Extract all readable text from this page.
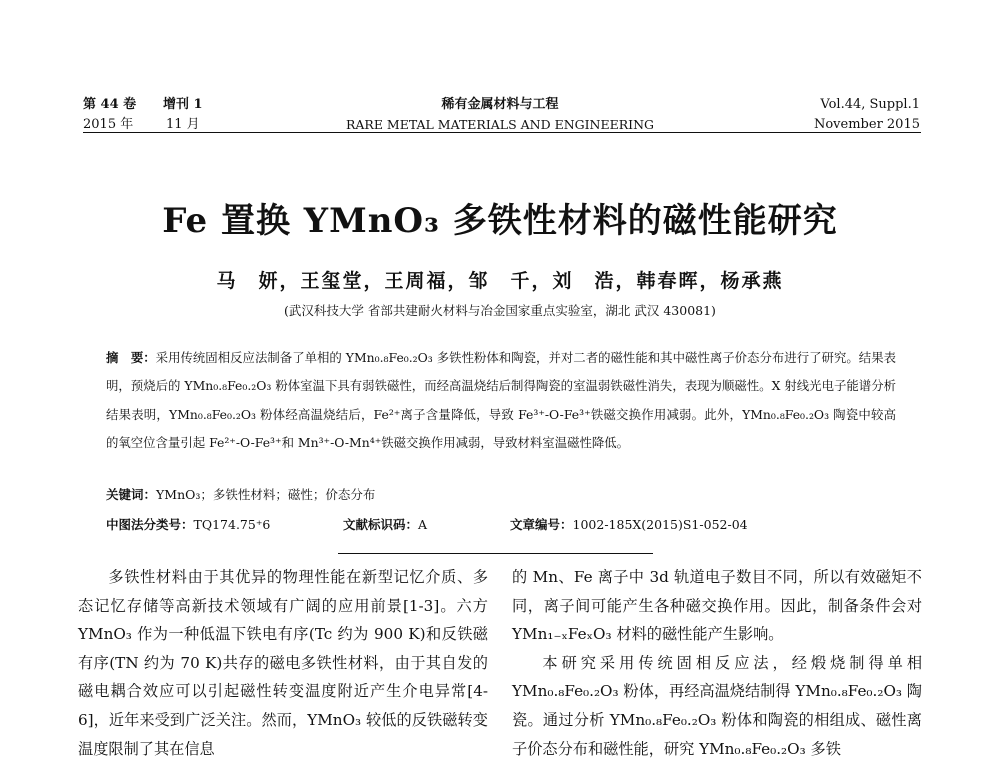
第 44 卷 增刊 1
2015 年	11 月
稀有金属材料与工程
RARE METAL MATERIALS AND ENGINEERING
Vol.44, Suppl.1
November 2015
Fe 置换 YMnO₃ 多铁性材料的磁性能研究
马　妍，王玺堂，王周福，邹　千，刘　浩，韩春晖，杨承燕
(武汉科技大学 省部共建耐火材料与冶金国家重点实验室，湖北 武汉 430081)
摘　要：采用传统固相反应法制备了单相的 YMn₀.₈Fe₀.₂O₃ 多铁性粉体和陶瓷，并对二者的磁性能和其中磁性离子价态分布进行了研究。结果表明，预烧后的 YMn₀.₈Fe₀.₂O₃ 粉体室温下具有弱铁磁性，而经高温烧结后制得陶瓷的室温弱铁磁性消失，表现为顺磁性。X 射线光电子能谱分析结果表明，YMn₀.₈Fe₀.₂O₃ 粉体经高温烧结后，Fe²⁺离子含量降低，导致 Fe³⁺-O-Fe³⁺铁磁交换作用减弱。此外，YMn₀.₈Fe₀.₂O₃ 陶瓷中较高的氧空位含量引起 Fe²⁺-O-Fe³⁺和 Mn³⁺-O-Mn⁴⁺铁磁交换作用减弱，导致材料室温磁性降低。
关键词：YMnO₃；多铁性材料；磁性；价态分布
中图法分类号：TQ174.75⁺6	文献标识码：A	文章编号：1002-185X(2015)S1-052-04

多铁性材料由于其优异的物理性能在新型记忆介质、多态记忆存储等高新技术领域有广阔的应用前景[1-3]。六方 YMnO₃ 作为一种低温下铁电有序(Tc 约为 900 K)和反铁磁有序(TN 约为 70 K)共存的磁电多铁性材料，由于其自发的磁电耦合效应可以引起磁性转变温度附近产生介电异常[4-6]，近年来受到广泛关注。然而，YMnO₃ 较低的反铁磁转变温度限制了其在信息

的 Mn、Fe 离子中 3d 轨道电子数目不同，所以有效磁矩不同，离子间可能产生各种磁交换作用。因此，制备条件会对 YMn₁₋ₓFeₓO₃ 材料的磁性能产生影响。

本研究采用传统固相反应法，经煅烧制得单相 YMn₀.₈Fe₀.₂O₃ 粉体，再经高温烧结制得 YMn₀.₈Fe₀.₂O₃ 陶瓷。通过分析 YMn₀.₈Fe₀.₂O₃ 粉体和陶瓷的相组成、磁性离子价态分布和磁性能，研究 YMn₀.₈Fe₀.₂O₃ 多铁
